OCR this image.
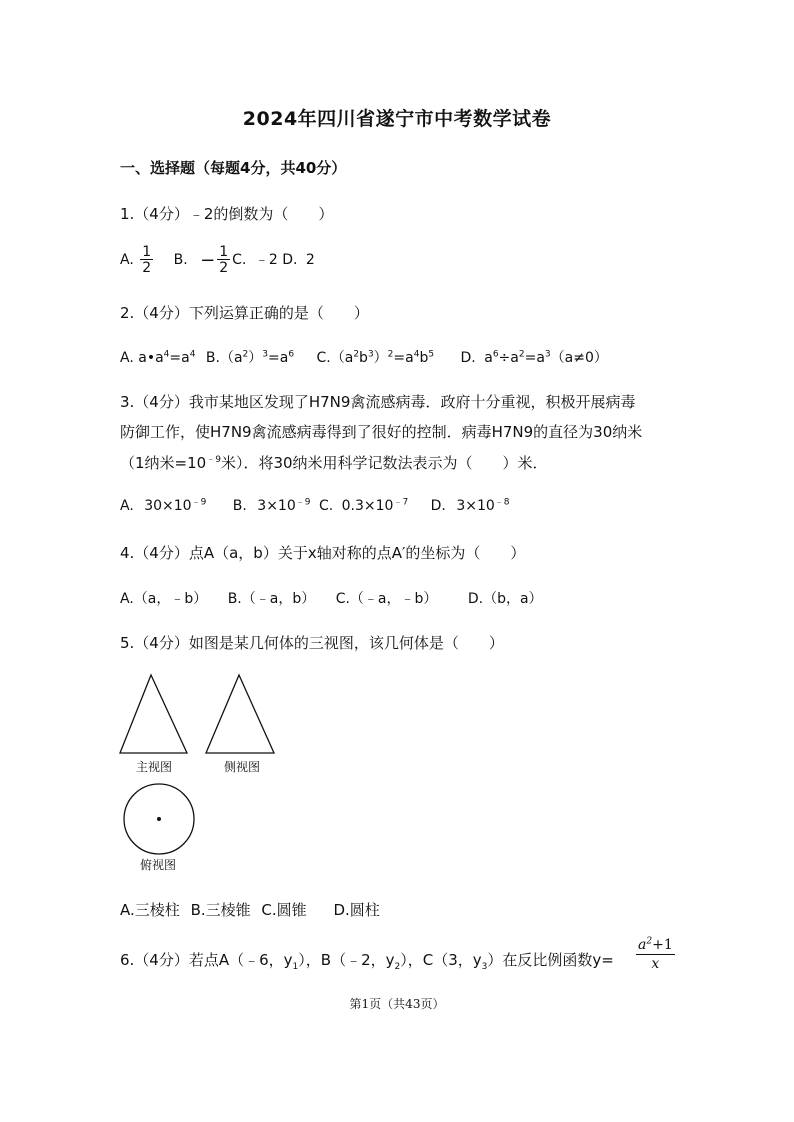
2024年四川省遂宁市中考数学试卷
一、选择题（每题4分，共40分）
1.（4分）﹣2的倒数为（　　）
A. $\frac{1}{2} B$. − $\frac{1}{2} C$. ﹣2 D. 2
2.（4分）下列运算正确的是（　　）
A. $a•a^4=a^4$ $B.(a^2)^3=a^6$ $C.(a^2b^3)^2=a^4b^5$ D. $a^6\div a^2=a^3(a\ne 0)$
3.（4分）我市某地区发现了H7N9禽流感病毒．政府十分重视，积极开展病毒
防御工作，使H7N9禽流感病毒得到了很好的控制．病毒H7N9的直径为30纳米
（1纳米$=10^{﹣9}$米）．将30纳米用科学记数法表示为（　　）米．
A. $30\times 10^{﹣9}$ B. $3\times 10^{﹣9}$ C. $0.3\times 10^{﹣7}$ D. $3\times 10^{﹣8}$
4.（4分）点A（a，b）关于x轴对称的点A′的坐标为（　　）
A.（a，﹣b） B.（﹣a，b） C.（﹣a，﹣b） D.（b，a）
5.（4分）如图是某几何体的三视图，该几何体是（　　）
主视图	侧视图
俯视图
A.三棱柱 B.三棱锥 C.圆锥 D.圆柱
6.（4分）若点A（﹣6，$y_1$），B（﹣2，$y_2$），C（3，$y_3$）在反比例函数$y= \frac{a^2+1}{x}$
第1页（共43页）
